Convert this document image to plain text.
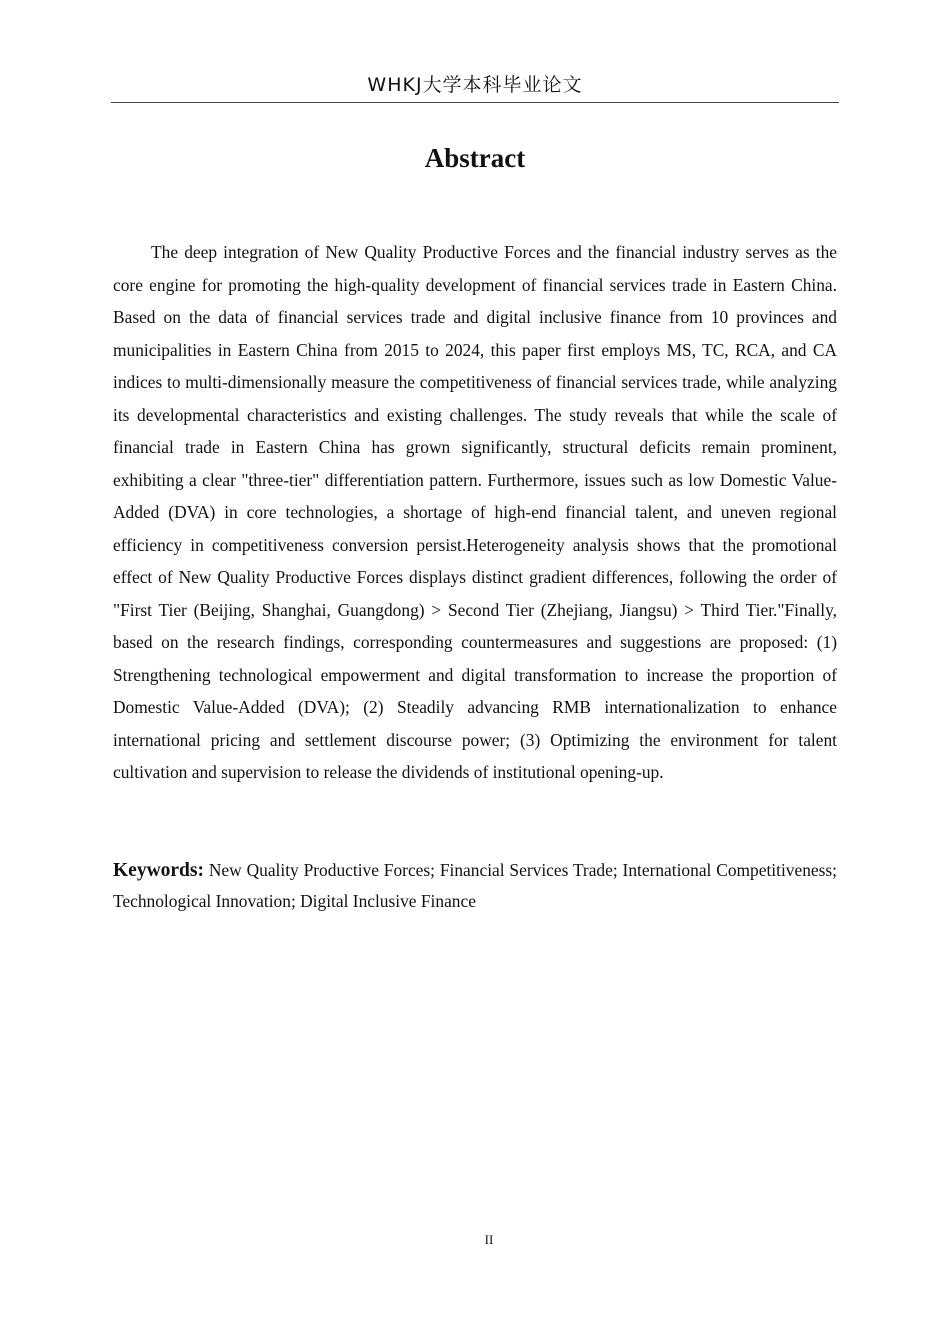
WHKJ大学本科毕业论文
Abstract

The deep integration of New Quality Productive Forces and the financial industry serves as the core engine for promoting the high-quality development of financial services trade in Eastern China. Based on the data of financial services trade and digital inclusive finance from 10 provinces and municipalities in Eastern China from 2015 to 2024, this paper first employs MS, TC, RCA, and CA indices to multi-dimensionally measure the competitiveness of financial services trade, while analyzing its developmental characteristics and existing challenges. The study reveals that while the scale of financial trade in Eastern China has grown significantly, structural deficits remain prominent, exhibiting a clear "three-tier" differentiation pattern. Furthermore, issues such as low Domestic Value-Added (DVA) in core technologies, a shortage of high-end financial talent, and uneven regional efficiency in competitiveness conversion persist.Heterogeneity analysis shows that the promotional effect of New Quality Productive Forces displays distinct gradient differences, following the order of "First Tier (Beijing, Shanghai, Guangdong) > Second Tier (Zhejiang, Jiangsu) > Third Tier."Finally, based on the research findings, corresponding countermeasures and suggestions are proposed: (1) Strengthening technological empowerment and digital transformation to increase the proportion of Domestic Value-Added (DVA); (2) Steadily advancing RMB internationalization to enhance international pricing and settlement discourse power; (3) Optimizing the environment for talent cultivation and supervision to release the dividends of institutional opening-up.

Keywords: New Quality Productive Forces; Financial Services Trade; International Competitiveness; Technological Innovation; Digital Inclusive Finance

II
